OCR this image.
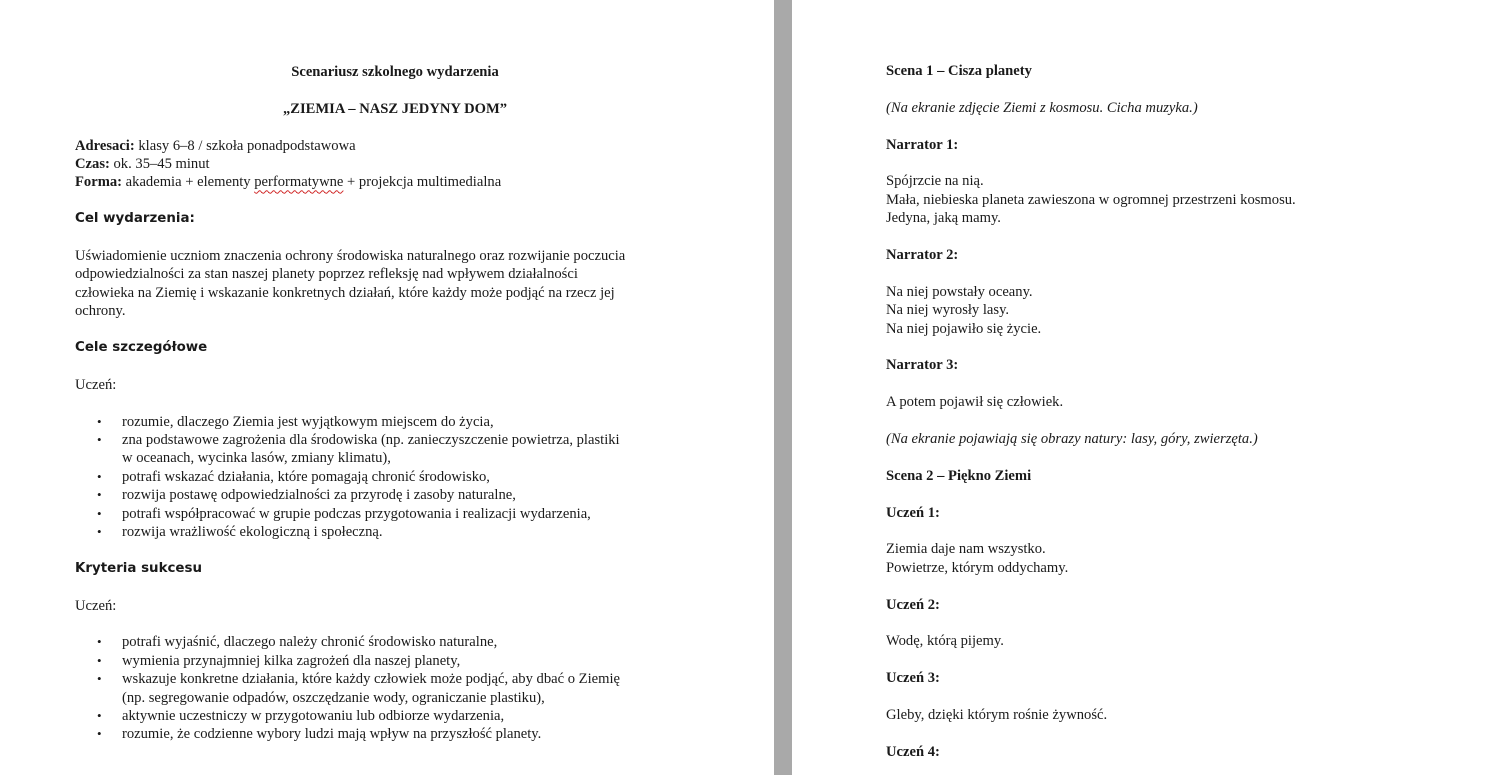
Scenariusz szkolnego wydarzenia

„ZIEMIA – NASZ JEDYNY DOM”

Adresaci: klasy 6–8 / szkoła ponadpodstawowa

Czas: ok. 35–45 minut

Forma: akademia + elementy performatywne + projekcja multimedialna

Cel wydarzenia:

Uświadomienie uczniom znaczenia ochrony środowiska naturalnego oraz rozwijanie poczucia

odpowiedzialności za stan naszej planety poprzez refleksję nad wpływem działalności

człowieka na Ziemię i wskazanie konkretnych działań, które każdy może podjąć na rzecz jej

ochrony.

Cele szczegółowe

Uczeń:

• rozumie, dlaczego Ziemia jest wyjątkowym miejscem do życia,
• zna podstawowe zagrożenia dla środowiska (np. zanieczyszczenie powietrza, plastiki
w oceanach, wycinka lasów, zmiany klimatu),
• potrafi wskazać działania, które pomagają chronić środowisko,
• rozwija postawę odpowiedzialności za przyrodę i zasoby naturalne,
• potrafi współpracować w grupie podczas przygotowania i realizacji wydarzenia,
• rozwija wrażliwość ekologiczną i społeczną.

Kryteria sukcesu

Uczeń:

• potrafi wyjaśnić, dlaczego należy chronić środowisko naturalne,
• wymienia przynajmniej kilka zagrożeń dla naszej planety,
• wskazuje konkretne działania, które każdy człowiek może podjąć, aby dbać o Ziemię
(np. segregowanie odpadów, oszczędzanie wody, ograniczanie plastiku),
• aktywnie uczestniczy w przygotowaniu lub odbiorze wydarzenia,
• rozumie, że codzienne wybory ludzi mają wpływ na przyszłość planety.

Scena 1 – Cisza planety

(Na ekranie zdjęcie Ziemi z kosmosu. Cicha muzyka.)

Narrator 1:

Spójrzcie na nią.

Mała, niebieska planeta zawieszona w ogromnej przestrzeni kosmosu.

Jedyna, jaką mamy.

Narrator 2:

Na niej powstały oceany.

Na niej wyrosły lasy.

Na niej pojawiło się życie.

Narrator 3:

A potem pojawił się człowiek.

(Na ekranie pojawiają się obrazy natury: lasy, góry, zwierzęta.)

Scena 2 – Piękno Ziemi

Uczeń 1:

Ziemia daje nam wszystko.

Powietrze, którym oddychamy.

Uczeń 2:

Wodę, którą pijemy.

Uczeń 3:

Gleby, dzięki którym rośnie żywność.

Uczeń 4:
